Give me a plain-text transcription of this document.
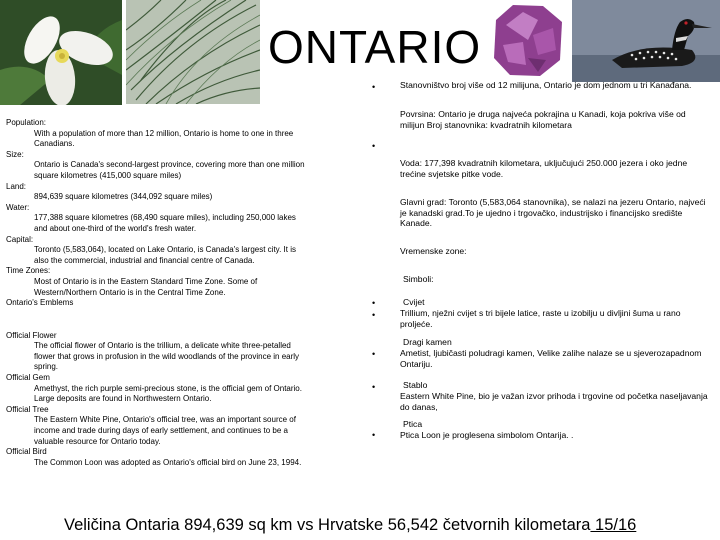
ONTARIO
Population:
With a population of more than 12 million, Ontario is home to one in three Canadians.
Size:
Ontario is Canada's second-largest province, covering more than one million square kilometres (415,000 square miles)
Land:
894,639 square kilometres (344,092 square miles)
Water:
177,388 square kilometres (68,490 square miles), including 250,000 lakes and about one-third of the world's fresh water.
Capital:
Toronto (5,583,064), located on Lake Ontario, is Canada's largest city. It is also the commercial, industrial and financial centre of Canada.
Time Zones:
Most of Ontario is in the Eastern Standard Time Zone. Some of Western/Northern Ontario is in the Central Time Zone.
Ontario's Emblems
Official Flower
The official flower of Ontario is the trillium, a delicate white three-petalled flower that grows in profusion in the wild woodlands of the province in early spring.
Official Gem
Amethyst, the rich purple semi-precious stone, is the official gem of Ontario. Large deposits are found in Northwestern Ontario.
Official Tree
The Eastern White Pine, Ontario's official tree, was an important source of income and trade during days of early settlement, and continues to be a valuable resource for Ontario today.
Official Bird
The Common Loon was adopted as Ontario's official bird on June 23, 1994.
•	Stanovništvo broj više od 12 milijuna, Ontario je dom jednom u tri Kanađana.
•
Povrsina: Ontario je druga najveća pokrajina u Kanadi, koja pokriva više od milijun Broj stanovnika: kvadratnih kilometara
Voda: 177,398 kvadratnih kilometara, uključujući 250.000 jezera i oko jedne trećine svjetske pitke vode.
Glavni grad: Toronto (5,583,064 stanovnika), se nalazi na jezeru Ontario, najveći je kanadski grad.To je ujedno i trgovačko, industrijsko i financijsko središte Kanade.
Vremenske zone:
Simboli:
•	Cvijet
•	Trillium, nježni cvijet s tri bijele latice, raste u izobilju u divljini šuma u rano proljeće.
Dragi kamen
•	Ametist, ljubičasti poludragi kamen, Velike zalihe nalaze se u sjeverozapadnom Ontariju.
•	Stablo
Eastern White Pine, bio je važan izvor prihoda i trgovine od početka naseljavanja do danas,
Ptica
•	Ptica Loon je proglesena simbolom Ontarija. .
Veličina Ontaria 894,639 sq km vs Hrvatske 56,542 četvornih kilometara 15/16
